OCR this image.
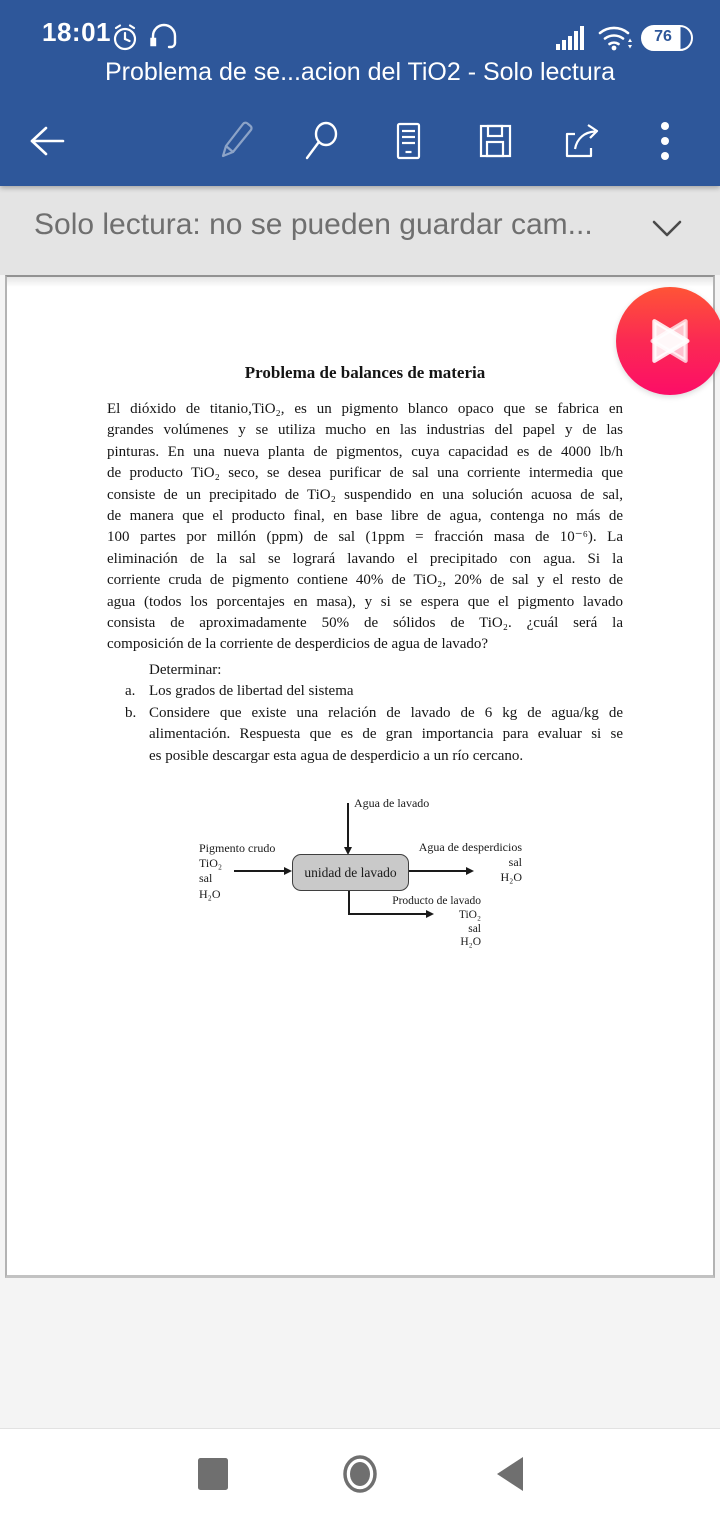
18:01	76
Problema de se...acion del TiO2 - Solo lectura
Solo lectura: no se pueden guardar cam...
Problema de balances de materia
El dióxido de titanio,TiO₂, es un pigmento blanco opaco que se fabrica en
grandes volúmenes y se utiliza mucho en las industrias del papel y de las
pinturas. En una nueva planta de pigmentos, cuya capacidad es de 4000 lb/h
de producto TiO₂ seco, se desea purificar de sal una corriente intermedia que
consiste de un precipitado de TiO₂ suspendido en una solución acuosa de sal,
de manera que el producto final, en base libre de agua, contenga no más de
100 partes por millón (ppm) de sal (1ppm = fracción masa de 10⁻⁶). La
eliminación de la sal se logrará lavando el precipitado con agua. Si la
corriente cruda de pigmento contiene 40% de TiO₂, 20% de sal y el resto de
agua (todos los porcentajes en masa), y si se espera que el pigmento lavado
consista de aproximadamente 50% de sólidos de TiO₂. ¿cuál será la
composición de la corriente de desperdicios de agua de lavado?
Determinar:
a. Los grados de libertad del sistema
b. Considere que existe una relación de lavado de 6 kg de agua/kg de
alimentación. Respuesta que es de gran importancia para evaluar si se
es posible descargar esta agua de desperdicio a un río cercano.
Agua de lavado
Pigmento crudo
TiO₂
sal
H₂O
unidad de lavado
Agua de desperdicios
sal
H₂O
Producto de lavado
TiO₂
sal
H₂O
